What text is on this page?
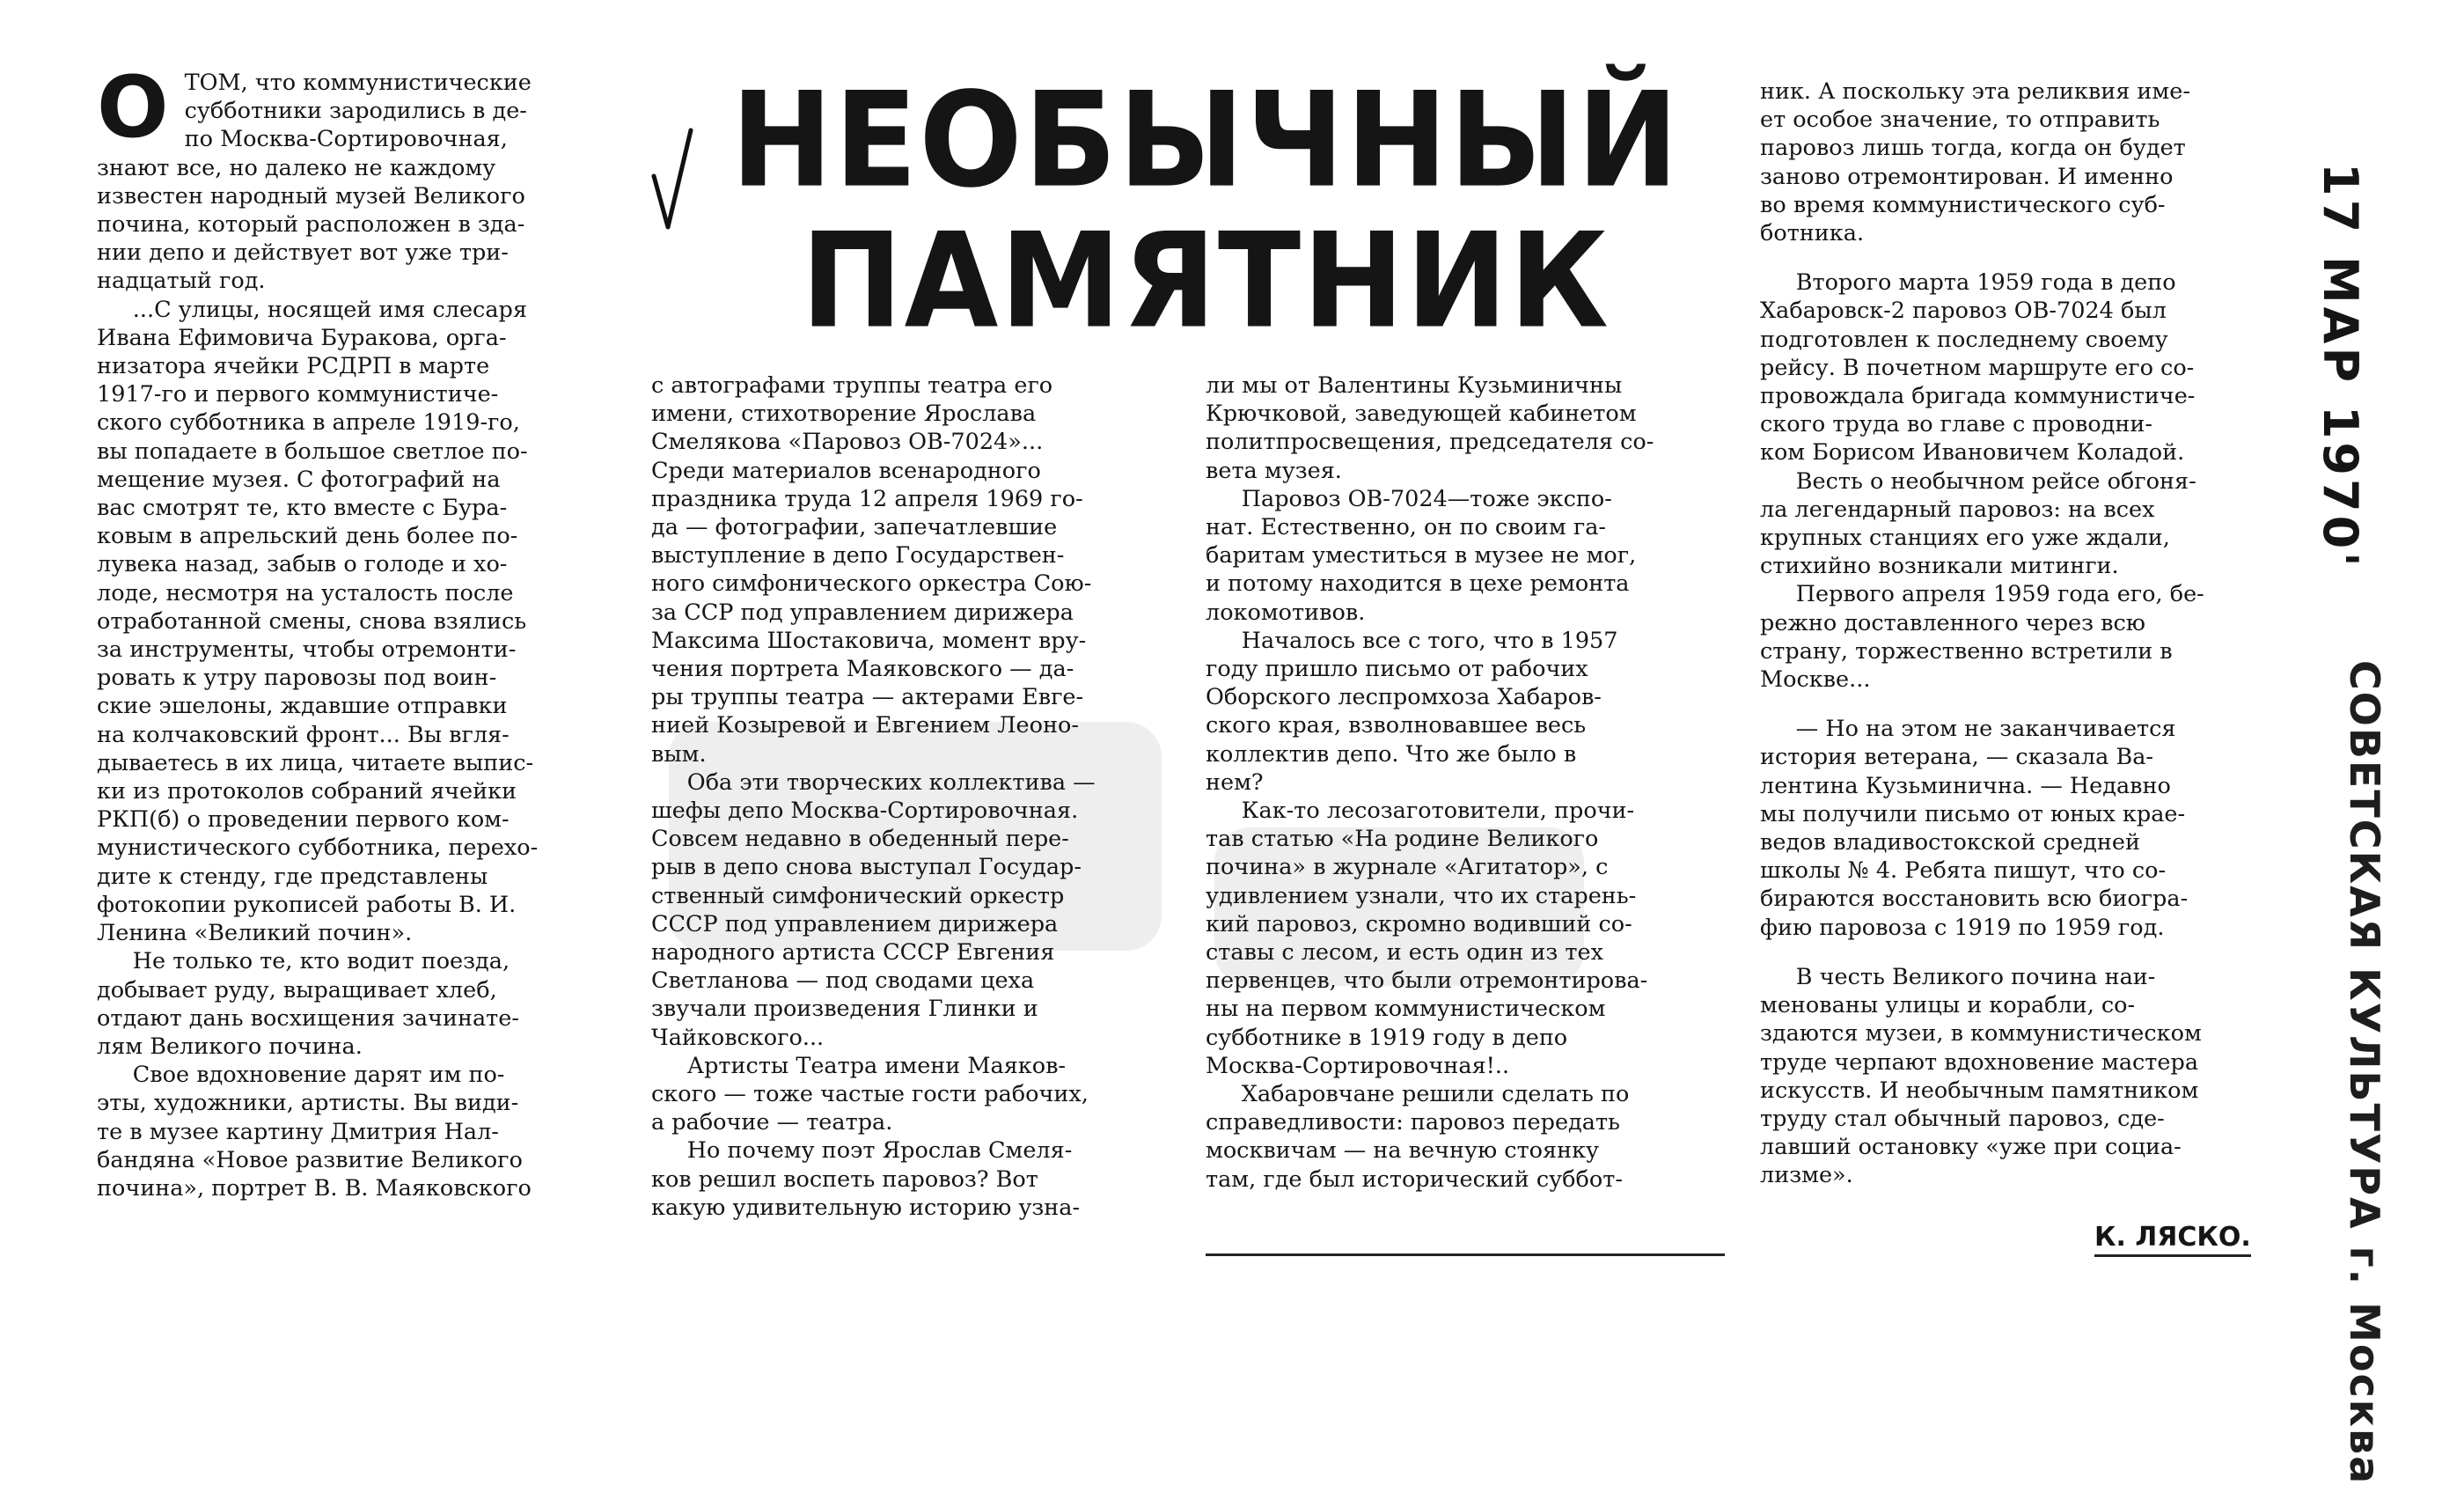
НЕОБЫЧНЫЙ
ПАМЯТНИК
О ТОМ, что коммунистические
субботники зародились в де-
по Москва-Сортировочная,
знают все, но далеко не каждому
известен народный музей Великого
почина, который расположен в зда-
нии депо и действует вот уже три-
надцатый год.

...С улицы, носящей имя слесаря
Ивана Ефимовича Буракова, орга-
низатора ячейки РСДРП в марте
1917-го и первого коммунистиче-
ского субботника в апреле 1919-го,
вы попадаете в большое светлое по-
мещение музея. С фотографий на
вас смотрят те, кто вместе с Бура-
ковым в апрельский день более по-
лувека назад, забыв о голоде и хо-
лоде, несмотря на усталость после
отработанной смены, снова взялись
за инструменты, чтобы отремонти-
ровать к утру паровозы под воин-
ские эшелоны, ждавшие отправки
на колчаковский фронт... Вы вгля-
дываетесь в их лица, читаете выпис-
ки из протоколов собраний ячейки
РКП(б) о проведении первого ком-
мунистического субботника, перехо-
дите к стенду, где представлены
фотокопии рукописей работы В. И.
Ленина «Великий почин».

Не только те, кто водит поезда,
добывает руду, выращивает хлеб,
отдают дань восхищения зачинате-
лям Великого почина.

Свое вдохновение дарят им по-
эты, художники, артисты. Вы види-
те в музее картину Дмитрия Нал-
бандяна «Новое развитие Великого
почина», портрет В. В. Маяковского

с автографами труппы театра его
имени, стихотворение Ярослава
Смелякова «Паровоз ОВ-7024»...
Среди материалов всенародного
праздника труда 12 апреля 1969 го-
да — фотографии, запечатлевшие
выступление в депо Государствен-
ного симфонического оркестра Сою-
за ССР под управлением дирижера
Максима Шостаковича, момент вру-
чения портрета Маяковского — да-
ры труппы театра — актерами Евге-
нией Козыревой и Евгением Леоно-
вым.

Оба эти творческих коллектива —
шефы депо Москва-Сортировочная.
Совсем недавно в обеденный пере-
рыв в депо снова выступал Государ-
ственный симфонический оркестр
СССР под управлением дирижера
народного артиста СССР Евгения
Светланова — под сводами цеха
звучали произведения Глинки и
Чайковского...

Артисты Театра имени Маяков-
ского — тоже частые гости рабочих,
а рабочие — театра.

Но почему поэт Ярослав Смеля-
ков решил воспеть паровоз? Вот
какую удивительную историю узна-

ли мы от Валентины Кузьминичны
Крючковой, заведующей кабинетом
политпросвещения, председателя со-
вета музея.

Паровоз ОВ-7024—тоже экспо-
нат. Естественно, он по своим га-
баритам уместиться в музее не мог,
и потому находится в цехе ремонта
локомотивов.

Началось все с того, что в 1957
году пришло письмо от рабочих
Оборского леспромхоза Хабаров-
ского края, взволновавшее весь
коллектив депо. Что же было в
нем?

Как-то лесозаготовители, прочи-
тав статью «На родине Великого
почина» в журнале «Агитатор», с
удивлением узнали, что их старень-
кий паровоз, скромно водивший со-
ставы с лесом, и есть один из тех
первенцев, что были отремонтирова-
ны на первом коммунистическом
субботнике в 1919 году в депо
Москва-Сортировочная!..

Хабаровчане решили сделать по
справедливости: паровоз передать
москвичам — на вечную стоянку
там, где был исторический суббот-

ник. А поскольку эта реликвия име-
ет особое значение, то отправить
паровоз лишь тогда, когда он будет
заново отремонтирован. И именно
во время коммунистического суб-
ботника.

Второго марта 1959 года в депо
Хабаровск-2 паровоз ОВ-7024 был
подготовлен к последнему своему
рейсу. В почетном маршруте его со-
провождала бригада коммунистиче-
ского труда во главе с проводни-
ком Борисом Ивановичем Коладой.

Весть о необычном рейсе обгоня-
ла легендарный паровоз: на всех
крупных станциях его уже ждали,
стихийно возникали митинги.

Первого апреля 1959 года его, бе-
режно доставленного через всю
страну, торжественно встретили в
Москве...

— Но на этом не заканчивается
история ветерана, — сказала Ва-
лентина Кузьминична. — Недавно
мы получили письмо от юных крае-
ведов владивостокской средней
школы № 4. Ребята пишут, что со-
бираются восстановить всю биогра-
фию паровоза с 1919 по 1959 год.

В честь Великого почина наи-
менованы улицы и корабли, со-
здаются музеи, в коммунистическом
труде черпают вдохновение мастера
искусств. И необычным памятником
труду стал обычный паровоз, сде-
лавший остановку «уже при социа-
лизме».

К. ЛЯСКО.
17 МАР 1970'
СОВЕТСКАЯ КУЛЬТУРА г. Москва
